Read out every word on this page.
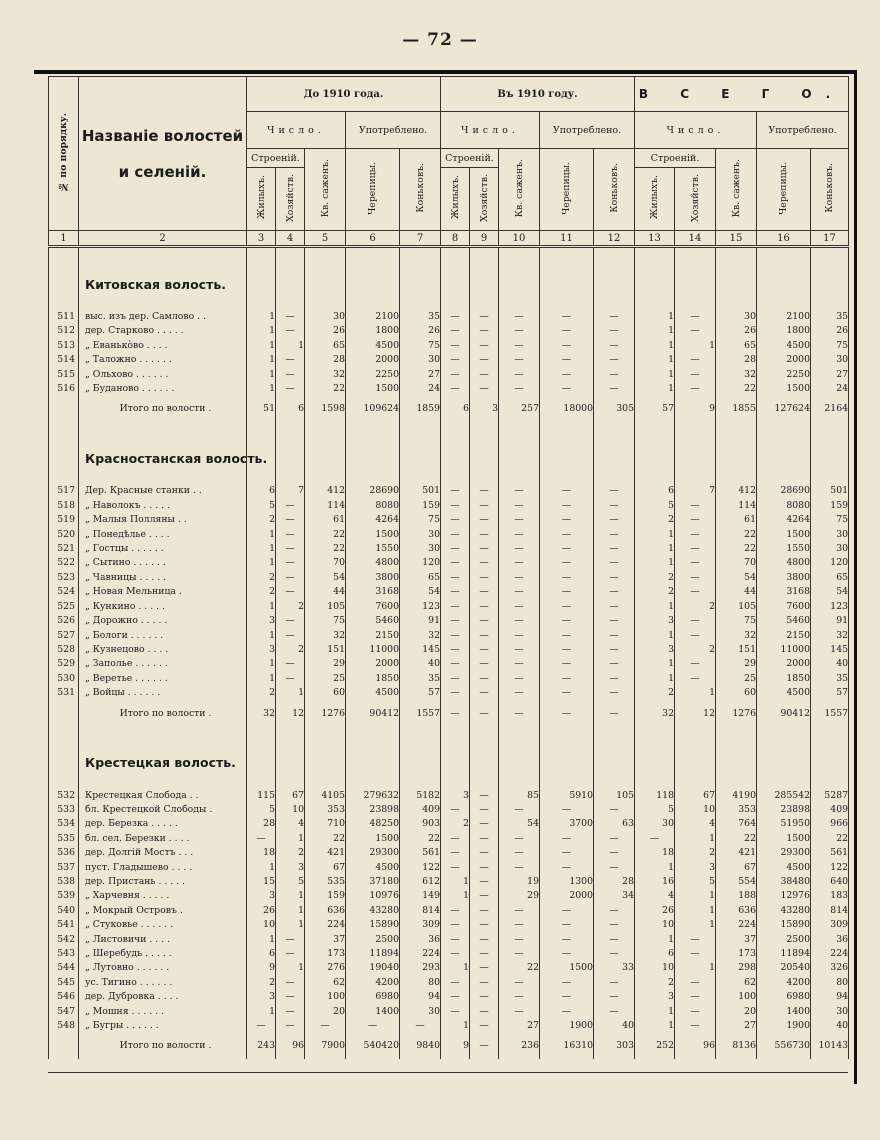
— 72 —
№ по порядку.	Названіе волостей
и селеній.	До 1910 года.					Въ 1910 году.					В С Е Г О.				
		Число.			Употреблено.		Число.			Употреблено.		Число.			Употреблено.	
		Строеній.		Кв. саженъ.	Черепицы.	Коньковъ.	Строеній.		Кв. саженъ.	Черепицы.	Коньковъ.	Строеній.		Кв. саженъ.	Черепицы.	Коньковъ.
		Жилыхъ.	Хозяйств.				Жилыхъ.	Хозяйств.				Жилыхъ.	Хозяйств.			
1	2	3	4	5	6	7	8	9	10	11	12	13	14	15	16	17
	Китовская волость.															

511	выс. изъ дер. Самлово . .	1	—	30	2100	35	—	—	—	—	—	1	—	30	2100	35
512	дер. Старково . . . . .	1	—	26	1800	26	—	—	—	—	—	1	—	26	1800	26
513	„ Еванько̀во . . . .	1	1	65	4500	75	—	—	—	—	—	1	1	65	4500	75
514	„ Таложно . . . . . .	1	—	28	2000	30	—	—	—	—	—	1	—	28	2000	30
515	„ Ольхово . . . . . .	1	—	32	2250	27	—	—	—	—	—	1	—	32	2250	27
516	„ Буданово . . . . . .	1	—	22	1500	24	—	—	—	—	—	1	—	22	1500	24
	Итого по волости .	51	6	1598	109624	1859	6	3	257	18000	305	57	9	1855	127624	2164
	Красностанская волость.															

517	Дер. Красные станки . .	6	7	412	28690	501	—	—	—	—	—	6	7	412	28690	501
518	„ Наволокъ . . . . .	5	—	114	8080	159	—	—	—	—	—	5	—	114	8080	159
519	„ Малыя Полляны . .	2	—	61	4264	75	—	—	—	—	—	2	—	61	4264	75
520	„ Понедѣлье . . . .	1	—	22	1500	30	—	—	—	—	—	1	—	22	1500	30
521	„ Гостцы . . . . . .	1	—	22	1550	30	—	—	—	—	—	1	—	22	1550	30
522	„ Сытино . . . . . .	1	—	70	4800	120	—	—	—	—	—	1	—	70	4800	120
523	„ Чавницы . . . . .	2	—	54	3800	65	—	—	—	—	—	2	—	54	3800	65
524	„ Новая Мельница .	2	—	44	3168	54	—	—	—	—	—	2	—	44	3168	54
525	„ Кункино . . . . .	1	2	105	7600	123	—	—	—	—	—	1	2	105	7600	123
526	„ Дорожно . . . . .	3	—	75	5460	91	—	—	—	—	—	3	—	75	5460	91
527	„ Бологи . . . . . .	1	—	32	2150	32	—	—	—	—	—	1	—	32	2150	32
528	„ Кузнецово . . . .	3	2	151	11000	145	—	—	—	—	—	3	2	151	11000	145
529	„ Заполье . . . . . .	1	—	29	2000	40	—	—	—	—	—	1	—	29	2000	40
530	„ Веретье . . . . . .	1	—	25	1850	35	—	—	—	—	—	1	—	25	1850	35
531	„ Войцы . . . . . .	2	1	60	4500	57	—	—	—	—	—	2	1	60	4500	57
	Итого по волости .	32	12	1276	90412	1557	—	—	—	—	—	32	12	1276	90412	1557
	Крестецкая волость.															

532	Крестецкая Слобода . .	115	67	4105	279632	5182	3	—	85	5910	105	118	67	4190	285542	5287
533	бл. Крестецкой Слободы .	5	10	353	23898	409	—	—	—	—	—	5	10	353	23898	409
534	дер. Березка . . . . .	28	4	710	48250	903	2	—	54	3700	63	30	4	764	51950	966
535	бл. сел. Березки . . . .	—	1	22	1500	22	—	—	—	—	—	—	1	22	1500	22
536	дер. Долгій Мостъ . . .	18	2	421	29300	561	—	—	—	—	—	18	2	421	29300	561
537	пуст. Гладышево . . . .	1	3	67	4500	122	—	—	—	—	—	1	3	67	4500	122
538	дер. Пристань . . . . .	15	5	535	37180	612	1	—	19	1300	28	16	5	554	38480	640
539	„ Харчевня . . . . .	3	1	159	10976	149	1	—	29	2000	34	4	1	188	12976	183
540	„ Мокрый Островъ .	26	1	636	43280	814	—	—	—	—	—	26	1	636	43280	814
541	„ Стуковье . . . . . .	10	1	224	15890	309	—	—	—	—	—	10	1	224	15890	309
542	„ Листовичи . . . .	1	—	37	2500	36	—	—	—	—	—	1	—	37	2500	36
543	„ Шеребудь . . . . .	6	—	173	11894	224	—	—	—	—	—	6	—	173	11894	224
544	„ Лутовно . . . . . .	9	1	276	19040	293	1	—	22	1500	33	10	1	298	20540	326
545	ус. Тигино . . . . . .	2	—	62	4200	80	—	—	—	—	—	2	—	62	4200	80
546	дер. Дубровка . . . .	3	—	100	6980	94	—	—	—	—	—	3	—	100	6980	94
547	„ Мошня . . . . . .	1	—	20	1400	30	—	—	—	—	—	1	—	20	1400	30
548	„ Бугры . . . . . .	—	—	—	—	—	1	—	27	1900	40	1	—	27	1900	40
	Итого по волости .	243	96	7900	540420	9840	9	—	236	16310	303	252	96	8136	556730	10143
